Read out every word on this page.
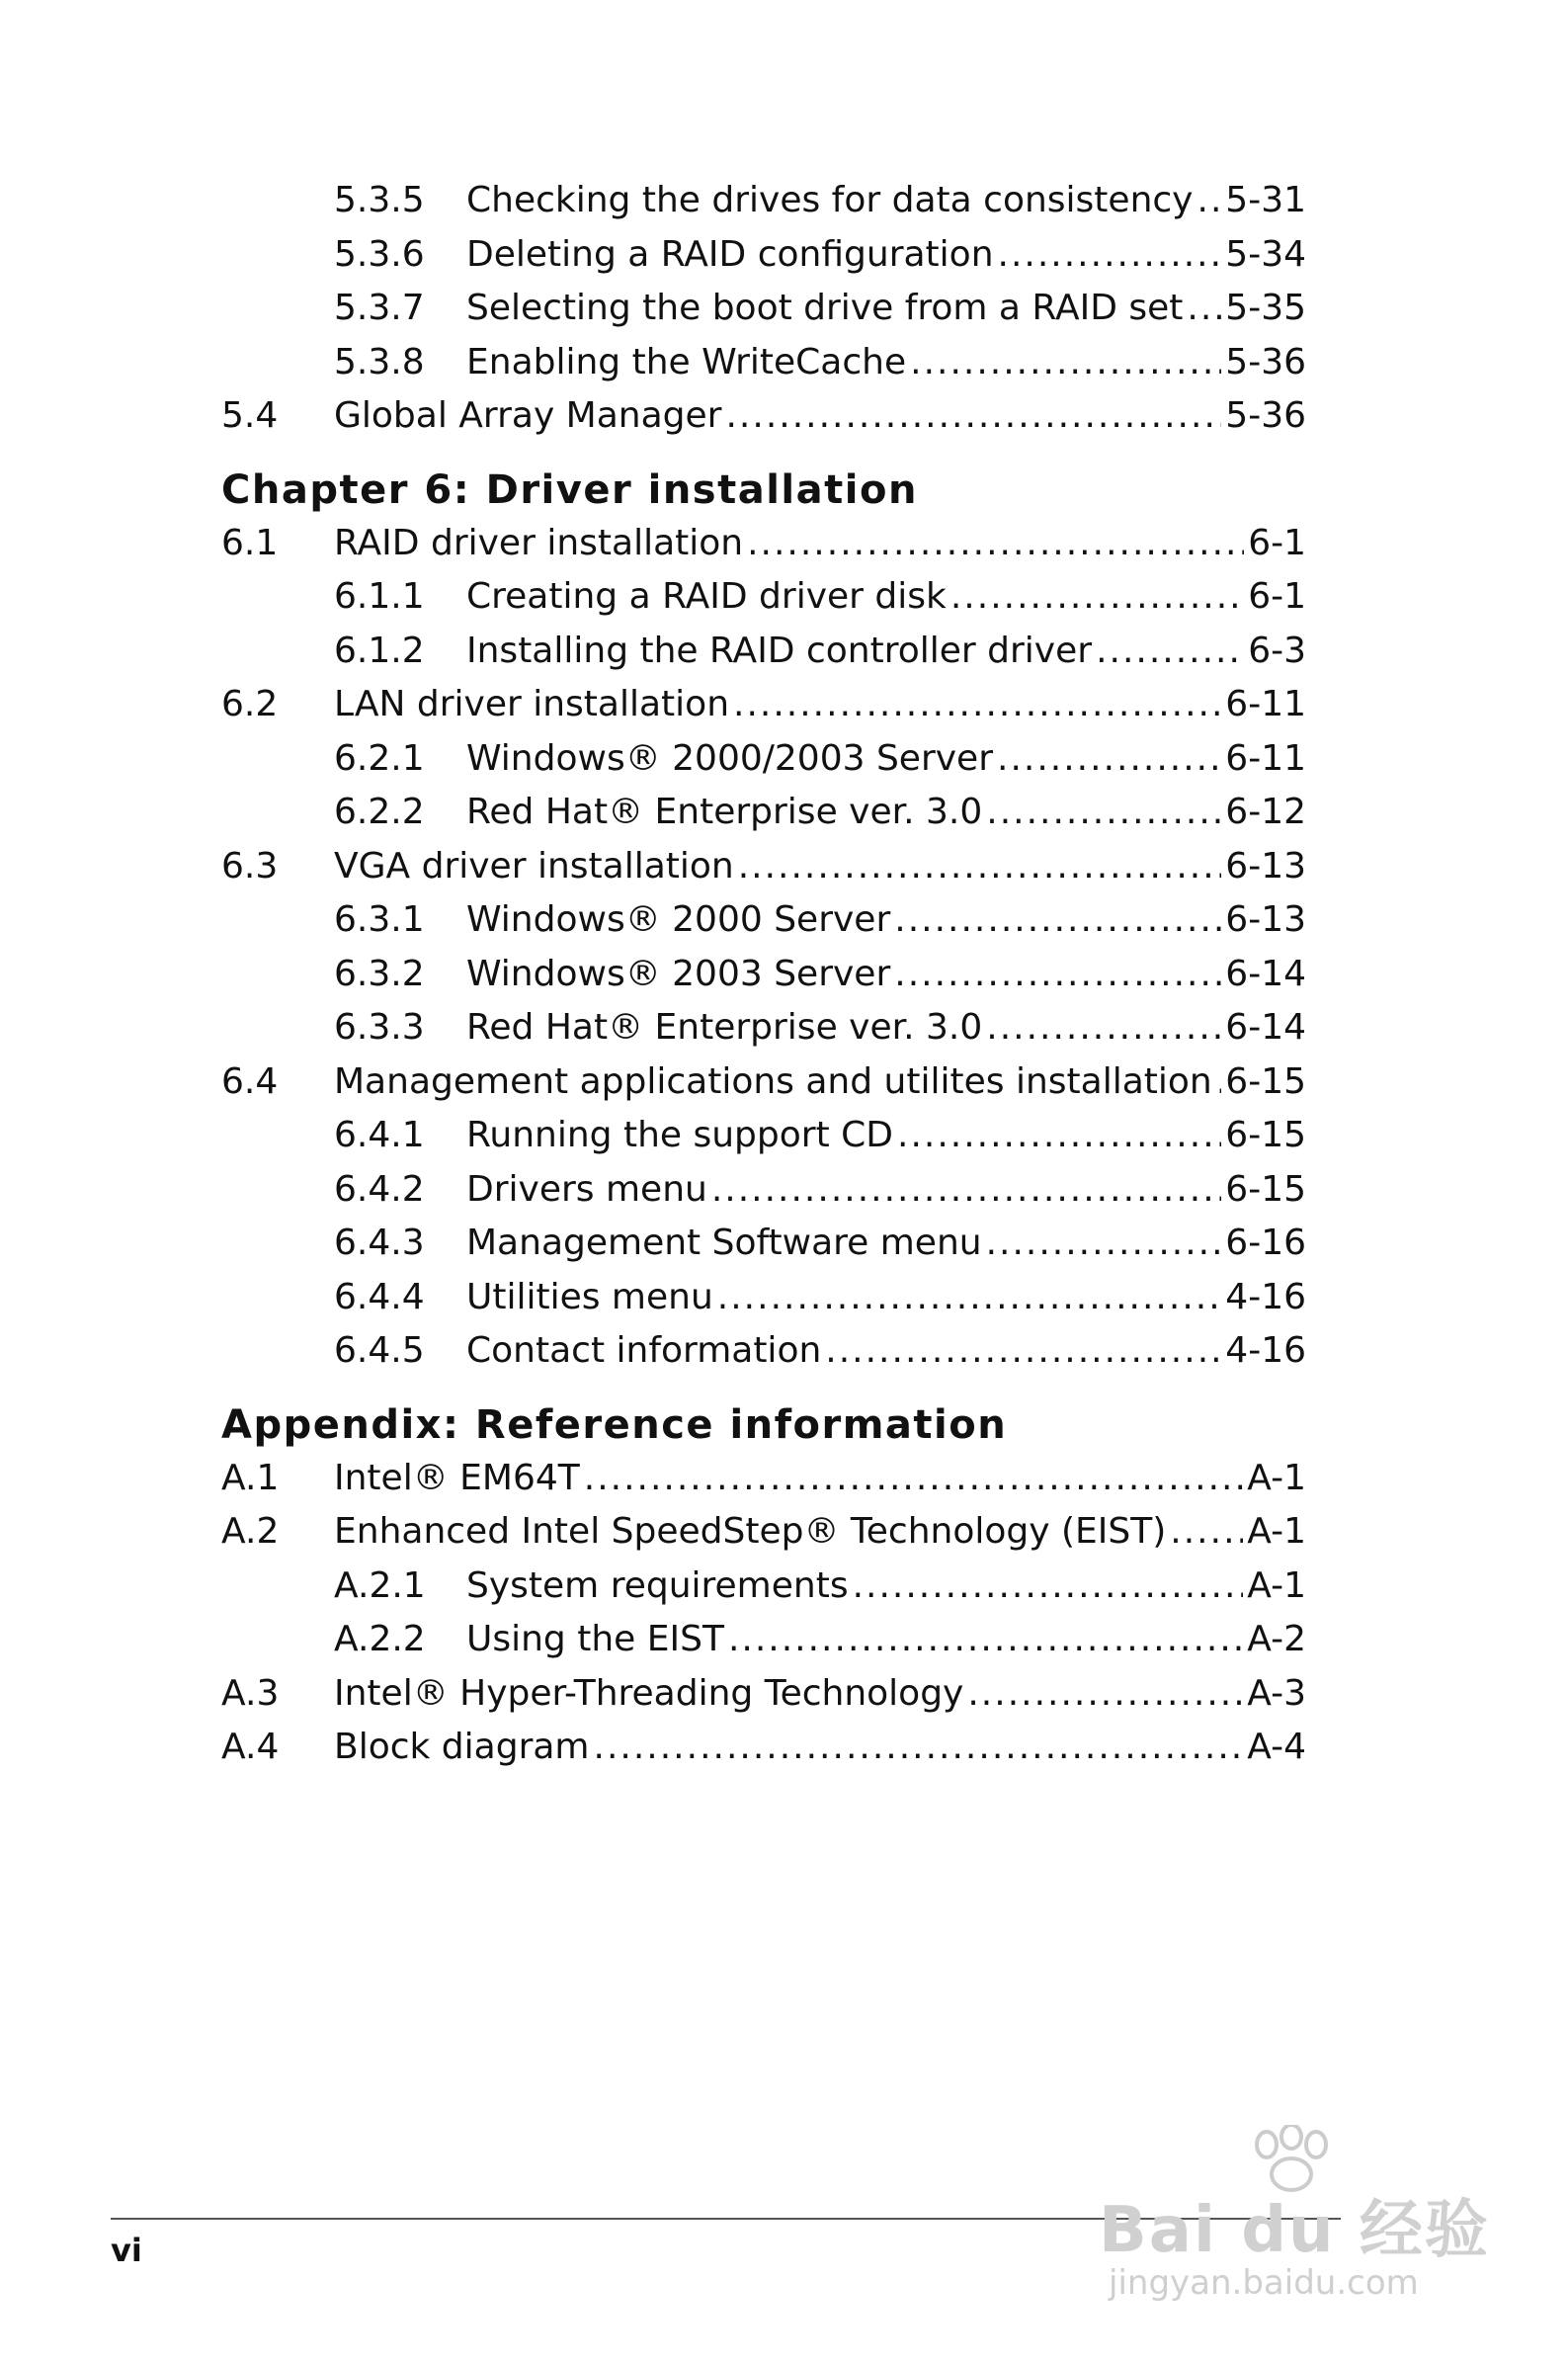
5.3.5	Checking the drives for data consistency ..... 5-31
5.3.6	Deleting a RAID configuration .....	5-34
5.3.7	Selecting the boot drive from a RAID set ..... 5-35
5.3.8	Enabling the WriteCache .....	5-36
5.4	Global Array Manager .....	5-36
Chapter 6: Driver installation
6.1	RAID driver installation .....	6-1
6.1.1	Creating a RAID driver disk .....	6-1
6.1.2	Installing the RAID controller driver .....	6-3
6.2	LAN driver installation .....	6-11
6.2.1	Windows® 2000/2003 Server .....	6-11
6.2.2	Red Hat® Enterprise ver. 3.0 .....	6-12
6.3	VGA driver installation .....	6-13
6.3.1	Windows® 2000 Server .....	6-13
6.3.2	Windows® 2003 Server .....	6-14
6.3.3	Red Hat® Enterprise ver. 3.0 .....	6-14
6.4	Management applications and utilites installation ..... 6-15
6.4.1	Running the support CD .....	6-15
6.4.2	Drivers menu .....	6-15
6.4.3	Management Software menu .....	6-16
6.4.4	Utilities menu .....	4-16
6.4.5	Contact information .....	4-16
Appendix: Reference information
A.1	Intel® EM64T .....	A-1
A.2	Enhanced Intel SpeedStep® Technology (EIST) ..... A-1
A.2.1	System requirements .....	A-1
A.2.2	Using the EIST .....	A-2
A.3	Intel® Hyper-Threading Technology .....	A-3
A.4	Block diagram .....	A-4
vi	Bai du 经验
jingyan.baidu.com
